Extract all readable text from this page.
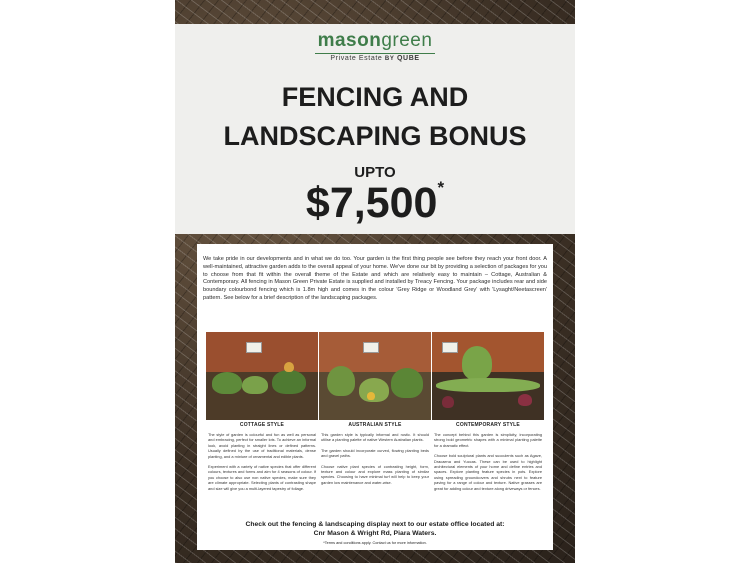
masongreen
Private Estate BY QUBE
FENCING AND
LANDSCAPING BONUS
UPTO
$7,500*
We take pride in our developments and in what we do too. Your garden is the first thing people see before they reach your front door. A well-maintained, attractive garden adds to the overall appeal of your home. We've done our bit by providing a selection of packages for you to choose from that fit within the overall theme of the Estate and which are relatively easy to maintain – Cottage, Australian & Contemporary. All fencing in Mason Green Private Estate is supplied and installed by Treacy Fencing. Your package includes rear and side boundary colourbond fencing which is 1.8m high and comes in the colour 'Grey Ridge or Woodland Grey' with 'Lysaght/Neetascreen' pattern. See below for a brief description of the landscaping packages.
COTTAGE STYLE
The style of garden is colourful and fun as well as personal and embracing, perfect for smaller lots. To achieve an informal look, avoid planting in straight lines or defined patterns. Usually defined by the use of traditional materials, dense planting, and a mixture of ornamental and edible plants.
Experiment with a variety of native species that offer different colours, textures and forms and aim for 4 seasons of colour. If you choose to also use non native species, make sure they are climate appropriate. Selecting plants of contrasting shape and size will give you a multi-layered tapestry of foliage.
AUSTRALIAN STYLE
This garden style is typically informal and rustic. It should utilise a planting palette of native Western Australian plants.
The garden should incorporate curved, flowing planting beds and gravel paths.
Choose native plant species of contrasting height, form, texture and colour and explore mass planting of similar species. Choosing to have minimal turf will help to keep your garden low maintenance and water-wise.
CONTEMPORARY STYLE
The concept behind this garden is simplicity, incorporating strong bold geometric shapes with a minimal planting palette for a dramatic effect.
Choose bold sculptural plants and succulents such as Agave, Dracaena and Yuccas. These can be used to highlight architectural elements of your home and define entries and spaces. Explore planting feature species in pots. Explore using spreading groundcovers and shrubs next to feature paving for a range of colour and texture. Native grasses are great for adding colour and texture along driveways or fences.
Check out the fencing & landscaping display next to our estate office located at:
Cnr Mason & Wright Rd, Piara Waters.
*Terms and conditions apply. Contact us for more information.
